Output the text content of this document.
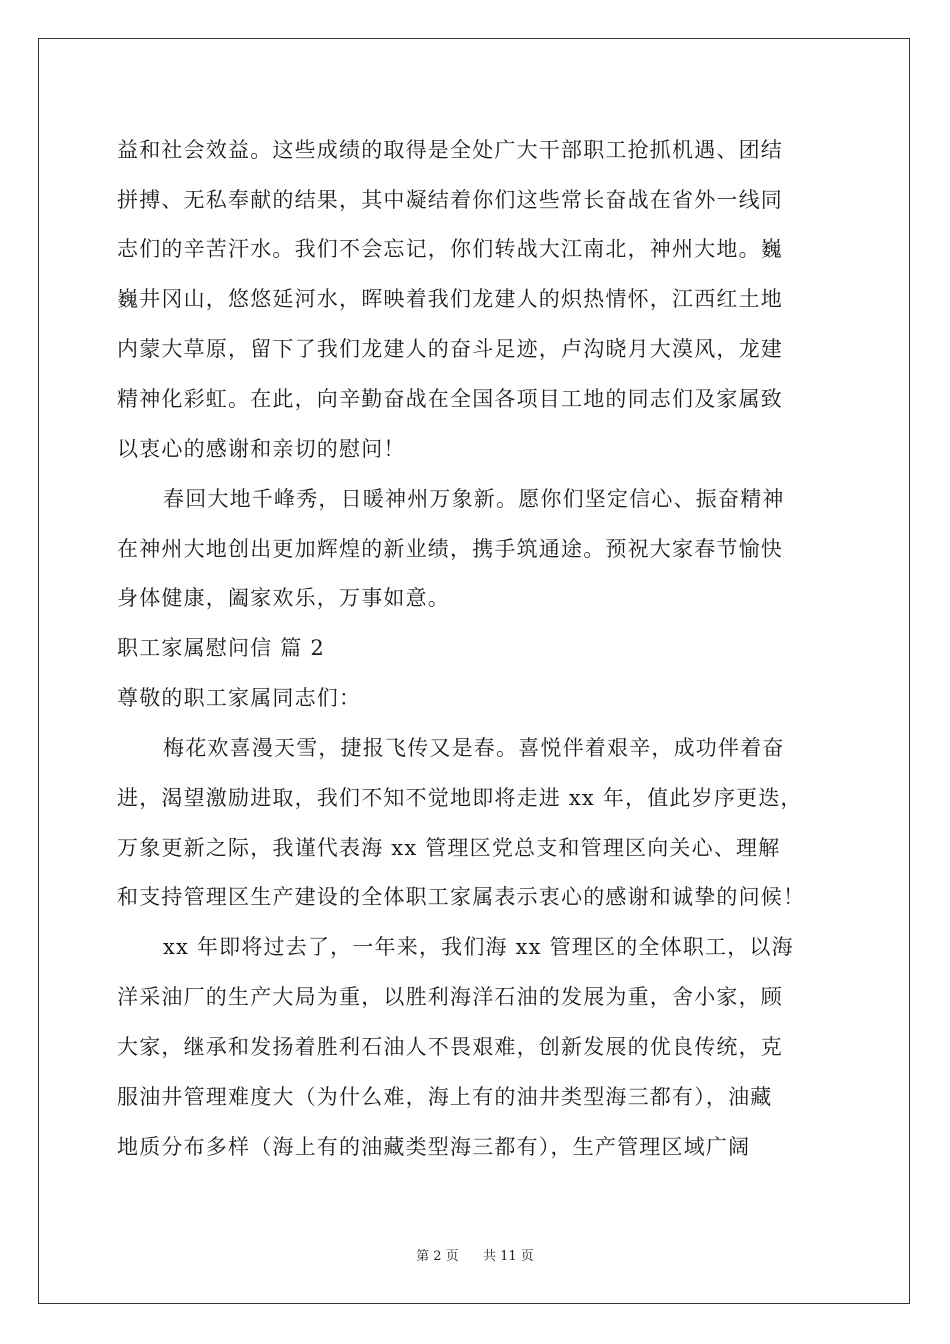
益和社会效益。这些成绩的取得是全处广大干部职工抢抓机遇、团结
拼搏、无私奉献的结果，其中凝结着你们这些常长奋战在省外一线同
志们的辛苦汗水。我们不会忘记，你们转战大江南北，神州大地。巍
巍井冈山，悠悠延河水，晖映着我们龙建人的炽热情怀，江西红土地
内蒙大草原，留下了我们龙建人的奋斗足迹，卢沟晓月大漠风，龙建
精神化彩虹。在此，向辛勤奋战在全国各项目工地的同志们及家属致
以衷心的感谢和亲切的慰问！
春回大地千峰秀，日暖神州万象新。愿你们坚定信心、振奋精神
在神州大地创出更加辉煌的新业绩，携手筑通途。预祝大家春节愉快
身体健康，阖家欢乐，万事如意。
职工家属慰问信 篇 2
尊敬的职工家属同志们：
梅花欢喜漫天雪，捷报飞传又是春。喜悦伴着艰辛，成功伴着奋
进，渴望激励进取，我们不知不觉地即将走进 xx 年，值此岁序更迭，
万象更新之际，我谨代表海 xx 管理区党总支和管理区向关心、理解
和支持管理区生产建设的全体职工家属表示衷心的感谢和诚挚的问候！
xx 年即将过去了，一年来，我们海 xx 管理区的全体职工，以海
洋采油厂的生产大局为重，以胜利海洋石油的发展为重，舍小家，顾
大家，继承和发扬着胜利石油人不畏艰难，创新发展的优良传统，克
服油井管理难度大（为什么难，海上有的油井类型海三都有），油藏
地质分布多样（海上有的油藏类型海三都有），生产管理区域广阔
第 2 页 共 11 页
